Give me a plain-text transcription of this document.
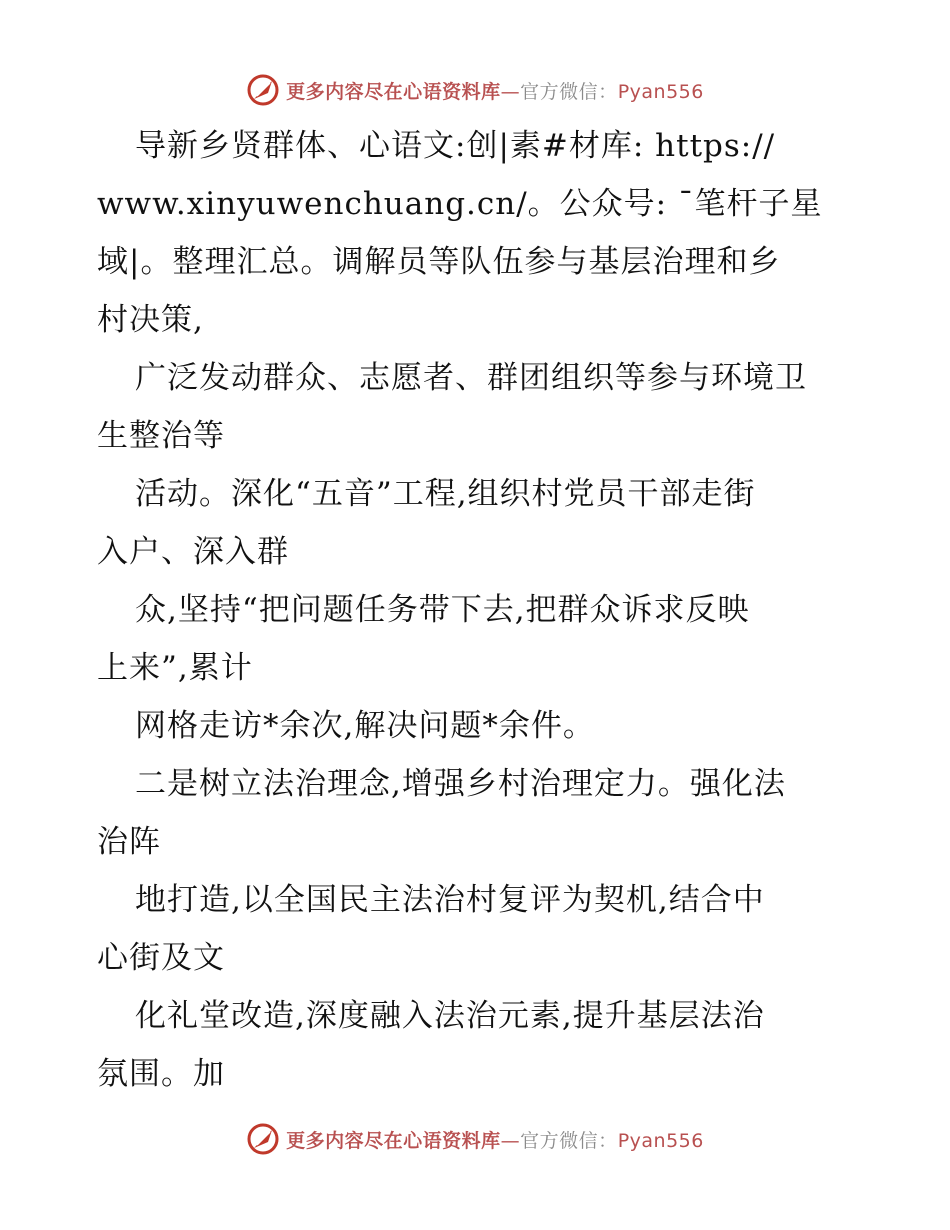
更多内容尽在心语资料库—官方微信：Pyan556
导新乡贤群体、心语文:创|素#材库: https://
www.xinyuwenchuang.cn/。公众号: ¯笔杆子星
域|。整理汇总。调解员等队伍参与基层治理和乡
村决策,
广泛发动群众、志愿者、群团组织等参与环境卫
生整治等
活动。深化“五音”工程,组织村党员干部走街
入户、深入群
众,坚持“把问题任务带下去,把群众诉求反映
上来”,累计
网格走访*余次,解决问题*余件。
二是树立法治理念,增强乡村治理定力。强化法
治阵
地打造,以全国民主法治村复评为契机,结合中
心街及文
化礼堂改造,深度融入法治元素,提升基层法治
氛围。加
更多内容尽在心语资料库—官方微信：Pyan556
